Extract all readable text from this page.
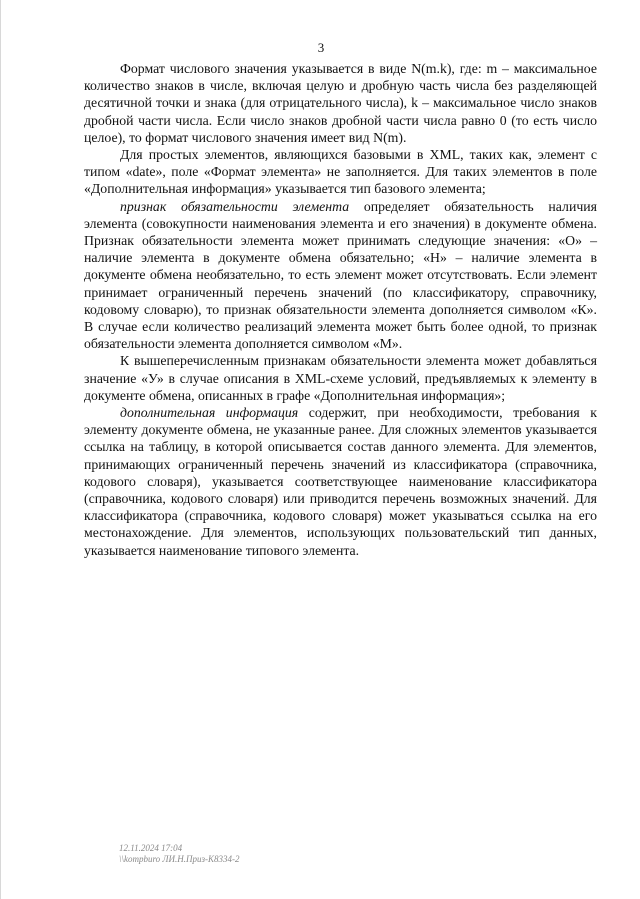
3

Формат числового значения указывается в виде N(m.k), где: m – максимальное количество знаков в числе, включая целую и дробную часть числа без разделяющей десятичной точки и знака (для отрицательного числа), k – максимальное число знаков дробной части числа. Если число знаков дробной части числа равно 0 (то есть число целое), то формат числового значения имеет вид N(m).

Для простых элементов, являющихся базовыми в XML, таких как, элемент с типом «date», поле «Формат элемента» не заполняется. Для таких элементов в поле «Дополнительная информация» указывается тип базового элемента;

признак обязательности элемента определяет обязательность наличия элемента (совокупности наименования элемента и его значения) в документе обмена. Признак обязательности элемента может принимать следующие значения: «О» – наличие элемента в документе обмена обязательно; «Н» – наличие элемента в документе обмена необязательно, то есть элемент может отсутствовать. Если элемент принимает ограниченный перечень значений (по классификатору, справочнику, кодовому словарю), то признак обязательности элемента дополняется символом «К». В случае если количество реализаций элемента может быть более одной, то признак обязательности элемента дополняется символом «М».

К вышеперечисленным признакам обязательности элемента может добавляться значение «У» в случае описания в XML-схеме условий, предъявляемых к элементу в документе обмена, описанных в графе «Дополнительная информация»;

дополнительная информация содержит, при необходимости, требования к элементу документе обмена, не указанные ранее. Для сложных элементов указывается ссылка на таблицу, в которой описывается состав данного элемента. Для элементов, принимающих ограниченный перечень значений из классификатора (справочника, кодового словаря), указывается соответствующее наименование классификатора (справочника, кодового словаря) или приводится перечень возможных значений. Для классификатора (справочника, кодового словаря) может указываться ссылка на его местонахождение. Для элементов, использующих пользовательский тип данных, указывается наименование типового элемента.

12.11.2024 17:04
\\kompburo ЛИ.Н.Приз-К8334-2
